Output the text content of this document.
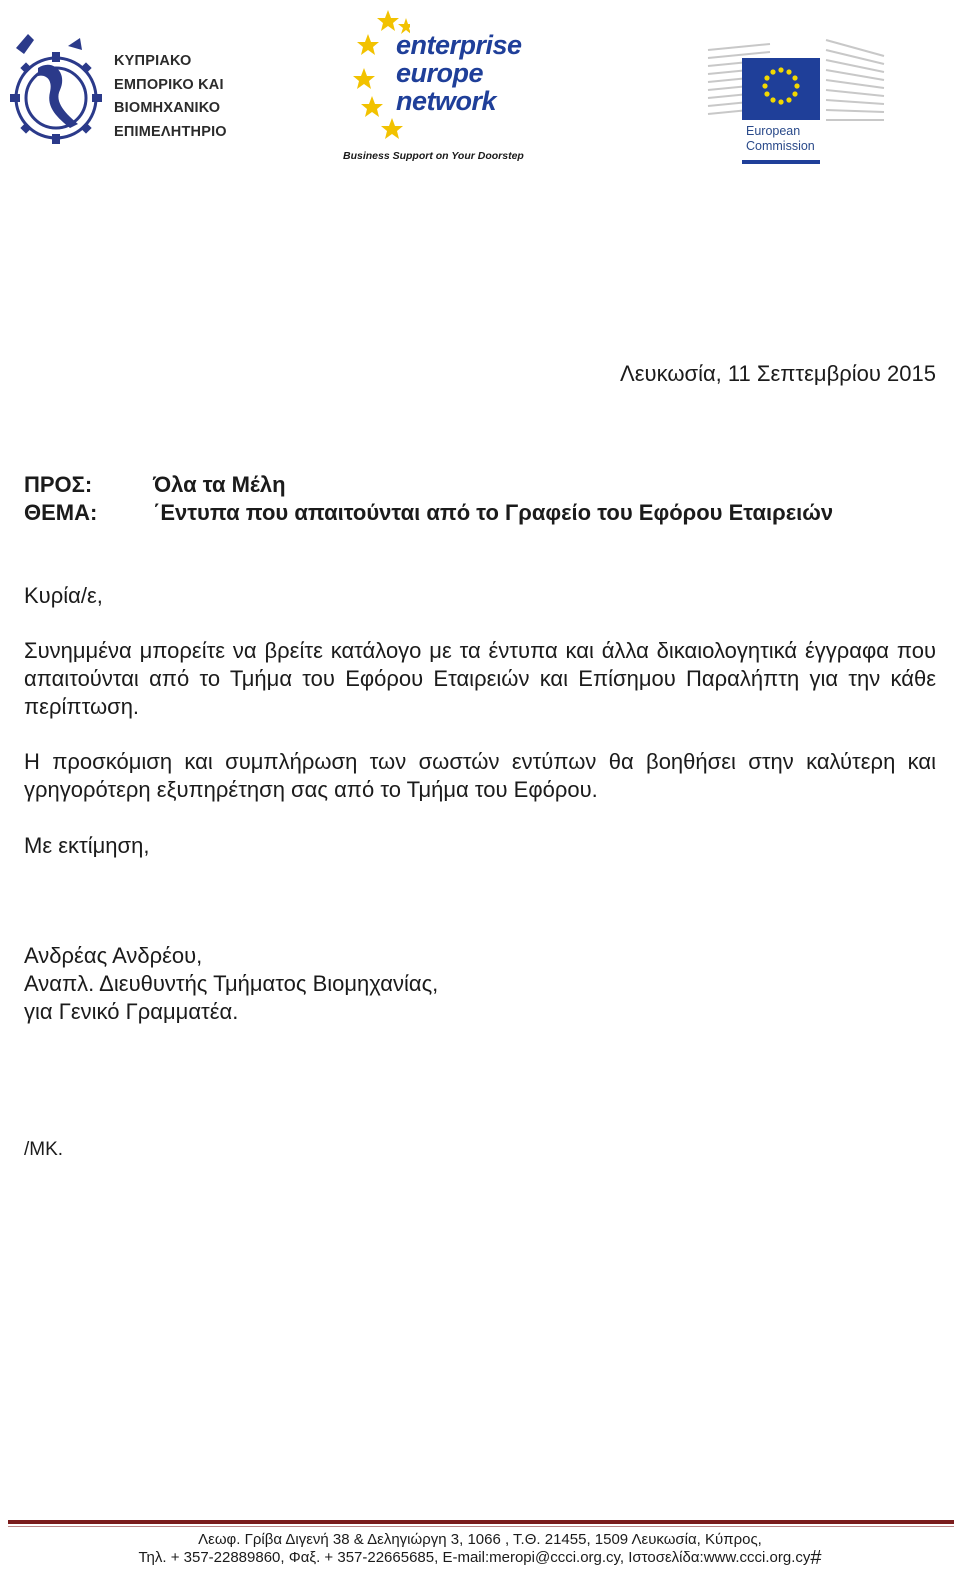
ΚΥΠΡΙΑΚΟ
ΕΜΠΟΡΙΚΟ ΚΑΙ
ΒΙΟΜΗΧΑΝΙΚΟ
ΕΠΙΜΕΛΗΤΗΡΙΟ
enterprise
europe
network
Business Support on Your Doorstep
European
Commission
Λευκωσία, 11 Σεπτεμβρίου 2015
ΠΡΟΣ:	Όλα τα Μέλη
ΘΕΜΑ:	΄Εντυπα που απαιτούνται από το Γραφείο του Εφόρου Εταιρειών
Κυρία/ε,
Συνημμένα μπορείτε να βρείτε κατάλογο με τα έντυπα και άλλα δικαιολογητικά έγγραφα που απαιτούνται από το Τμήμα του Εφόρου Εταιρειών και Επίσημου Παραλήπτη για την κάθε περίπτωση.
Η προσκόμιση και συμπλήρωση των σωστών εντύπων θα βοηθήσει στην καλύτερη και γρηγορότερη εξυπηρέτηση σας από το Τμήμα του Εφόρου.
Με εκτίμηση,
Ανδρέας Ανδρέου,
Αναπλ. Διευθυντής Τμήματος Βιομηχανίας,
για Γενικό Γραμματέα.
/ΜΚ.
Λεωφ. Γρίβα Διγενή 38 & Δεληγιώργη 3, 1066 , Τ.Θ. 21455, 1509 Λευκωσία, Κύπρος,
Τηλ. + 357-22889860, Φαξ. + 357-22665685, E-mail:meropi@ccci.org.cy, Ιστοσελίδα:www.ccci.org.cy#
